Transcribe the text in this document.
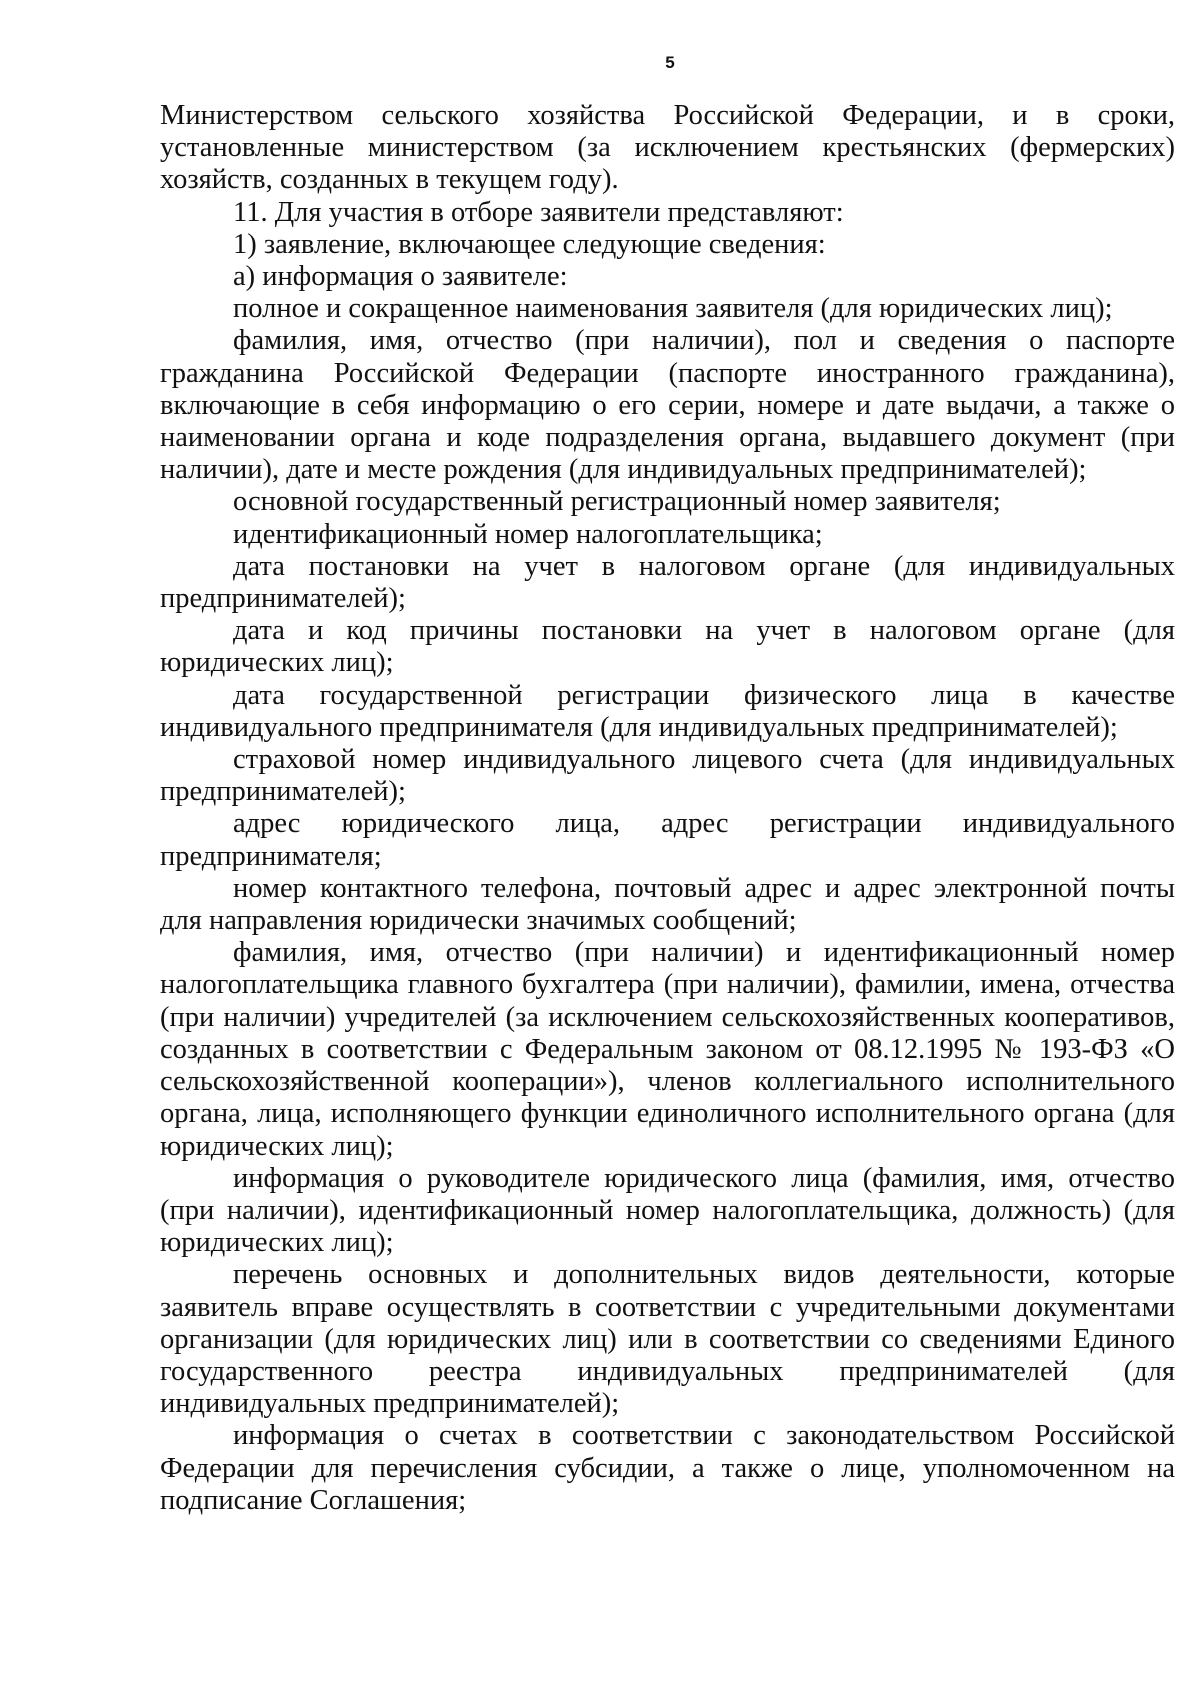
5

Министерством сельского хозяйства Российской Федерации, и в сроки, установленные министерством (за исключением крестьянских (фермерских) хозяйств, созданных в текущем году).

11. Для участия в отборе заявители представляют:

1) заявление, включающее следующие сведения:

а) информация о заявителе:

полное и сокращенное наименования заявителя (для юридических лиц);

фамилия, имя, отчество (при наличии), пол и сведения о паспорте гражданина Российской Федерации (паспорте иностранного гражданина), включающие в себя информацию о его серии, номере и дате выдачи, а также о наименовании органа и коде подразделения органа, выдавшего документ (при наличии), дате и месте рождения (для индивидуальных предпринимателей);

основной государственный регистрационный номер заявителя;

идентификационный номер налогоплательщика;

дата постановки на учет в налоговом органе (для индивидуальных предпринимателей);

дата и код причины постановки на учет в налоговом органе (для юридических лиц);

дата государственной регистрации физического лица в качестве индивидуального предпринимателя (для индивидуальных предпринимателей);

страховой номер индивидуального лицевого счета (для индивидуальных предпринимателей);

адрес юридического лица, адрес регистрации индивидуального предпринимателя;

номер контактного телефона, почтовый адрес и адрес электронной почты для направления юридически значимых сообщений;

фамилия, имя, отчество (при наличии) и идентификационный номер налогоплательщика главного бухгалтера (при наличии), фамилии, имена, отчества (при наличии) учредителей (за исключением сельскохозяйственных кооперативов, созданных в соответствии с Федеральным законом от 08.12.1995 № 193-ФЗ «О сельскохозяйственной кооперации»), членов коллегиального исполнительного органа, лица, исполняющего функции единоличного исполнительного органа (для юридических лиц);

информация о руководителе юридического лица (фамилия, имя, отчество (при наличии), идентификационный номер налогоплательщика, должность) (для юридических лиц);

перечень основных и дополнительных видов деятельности, которые заявитель вправе осуществлять в соответствии с учредительными документами организации (для юридических лиц) или в соответствии со сведениями Единого государственного реестра индивидуальных предпринимателей (для индивидуальных предпринимателей);

информация о счетах в соответствии с законодательством Российской Федерации для перечисления субсидии, а также о лице, уполномоченном на подписание Соглашения;
